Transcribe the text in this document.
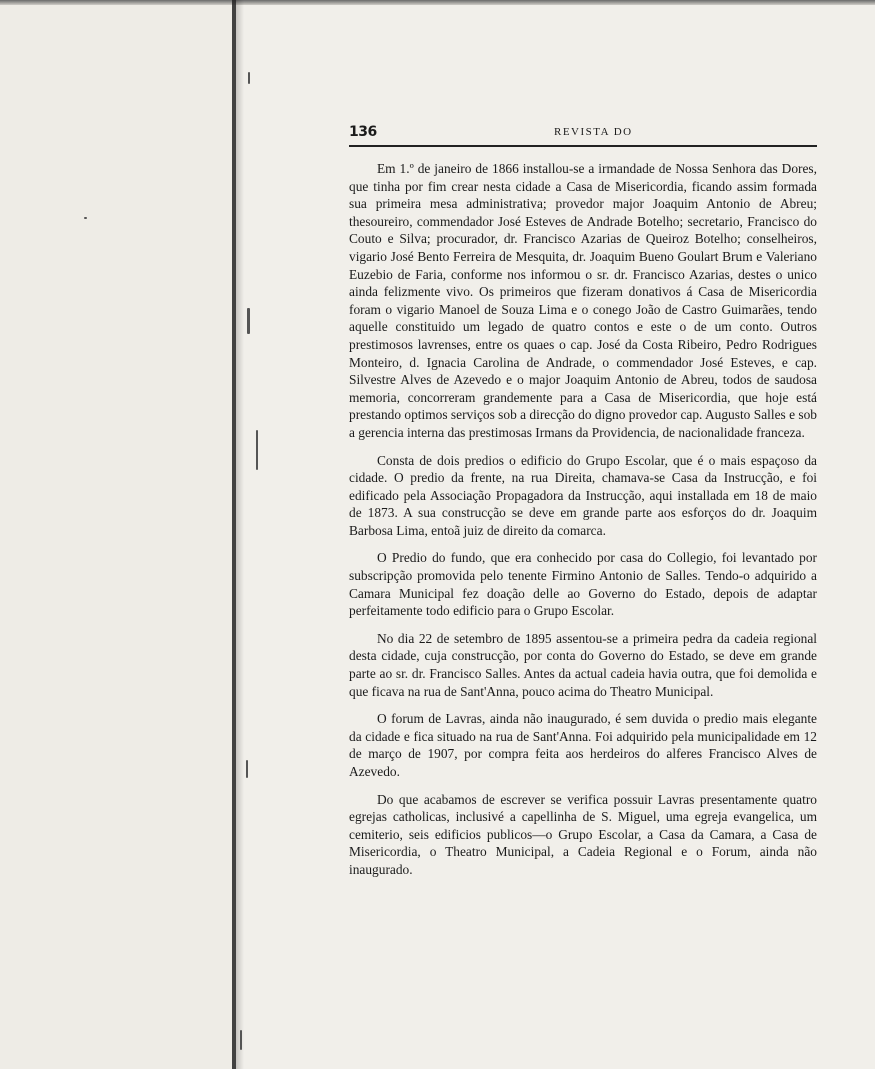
136	REVISTA DO

Em 1.º de janeiro de 1866 installou-se a irmandade de Nossa Senhora das Dores, que tinha por fim crear nesta cidade a Casa de Misericordia, ficando assim formada sua primeira mesa administrativa; provedor major Joaquim Antonio de Abreu; thesoureiro, commendador José Esteves de Andrade Botelho; secretario, Francisco do Couto e Silva; procurador, dr. Francisco Azarias de Queiroz Botelho; conselheiros, vigario José Bento Ferreira de Mesquita, dr. Joaquim Bueno Goulart Brum e Valeriano Euzebio de Faria, conforme nos informou o sr. dr. Francisco Azarias, destes o unico ainda felizmente vivo. Os primeiros que fizeram donativos á Casa de Misericordia foram o vigario Manoel de Souza Lima e o conego João de Castro Guimarães, tendo aquelle constituido um legado de quatro contos e este o de um conto. Outros prestimosos lavrenses, entre os quaes o cap. José da Costa Ribeiro, Pedro Rodrigues Monteiro, d. Ignacia Carolina de Andrade, o commendador José Esteves, e cap. Silvestre Alves de Azevedo e o major Joaquim Antonio de Abreu, todos de saudosa memoria, concorreram grandemente para a Casa de Misericordia, que hoje está prestando optimos serviços sob a direcção do digno provedor cap. Augusto Salles e sob a gerencia interna das prestimosas Irmans da Providencia, de nacionalidade franceza.

Consta de dois predios o edificio do Grupo Escolar, que é o mais espaçoso da cidade. O predio da frente, na rua Direita, chamava-se Casa da Instrucção, e foi edificado pela Associação Propagadora da Instrucção, aqui installada em 18 de maio de 1873. A sua construcção se deve em grande parte aos esforços do dr. Joaquim Barbosa Lima, entoã juiz de direito da comarca.

O Predio do fundo, que era conhecido por casa do Collegio, foi levantado por subscripção promovida pelo tenente Firmino Antonio de Salles. Tendo-o adquirido a Camara Municipal fez doação delle ao Governo do Estado, depois de adaptar perfeitamente todo edificio para o Grupo Escolar.

No dia 22 de setembro de 1895 assentou-se a primeira pedra da cadeia regional desta cidade, cuja construcção, por conta do Governo do Estado, se deve em grande parte ao sr. dr. Francisco Salles. Antes da actual cadeia havia outra, que foi demolida e que ficava na rua de Sant'Anna, pouco acima do Theatro Municipal.

O forum de Lavras, ainda não inaugurado, é sem duvida o predio mais elegante da cidade e fica situado na rua de Sant'Anna. Foi adquirido pela municipalidade em 12 de março de 1907, por compra feita aos herdeiros do alferes Francisco Alves de Azevedo.

Do que acabamos de escrever se verifica possuir Lavras presentamente quatro egrejas catholicas, inclusivé a capellinha de S. Miguel, uma egreja evangelica, um cemiterio, seis edificios publicos—o Grupo Escolar, a Casa da Camara, a Casa de Misericordia, o Theatro Municipal, a Cadeia Regional e o Forum, ainda não inaugurado.
